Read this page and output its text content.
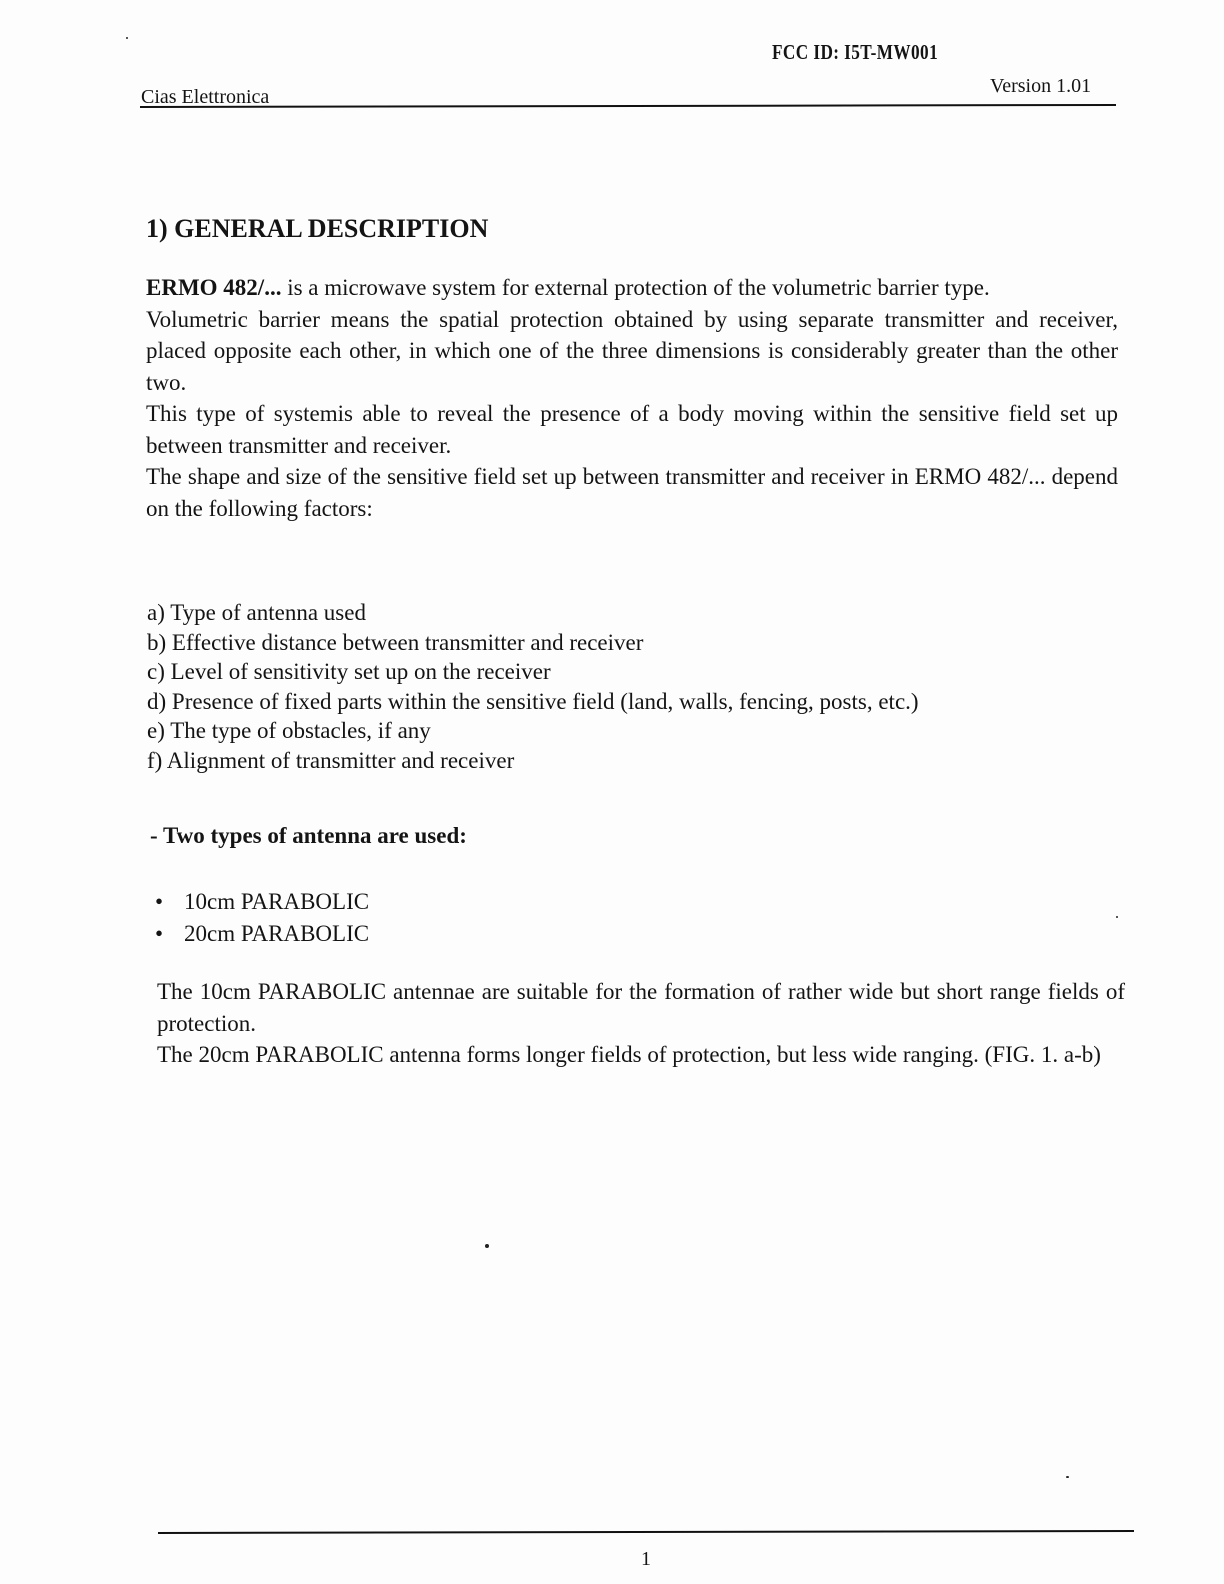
FCC ID: I5T-MW001
Cias Elettronica	Version 1.01
1) GENERAL DESCRIPTION
ERMO 482/... is a microwave system for external protection of the volumetric barrier type.
Volumetric barrier means the spatial protection obtained by using separate transmitter and receiver, placed opposite each other, in which one of the three dimensions is considerably greater than the other two.
This type of systemis able to reveal the presence of a body moving within the sensitive field set up between transmitter and receiver.
The shape and size of the sensitive field set up between transmitter and receiver in ERMO 482/... depend on the following factors:
a) Type of antenna used
b) Effective distance between transmitter and receiver
c) Level of sensitivity set up on the receiver
d) Presence of fixed parts within the sensitive field (land, walls, fencing, posts, etc.)
e) The type of obstacles, if any
f) Alignment of transmitter and receiver
- Two types of antenna are used:
• 10cm PARABOLIC
• 20cm PARABOLIC
The 10cm PARABOLIC antennae are suitable for the formation of rather wide but short range fields of protection.
The 20cm PARABOLIC antenna forms longer fields of protection, but less wide ranging. (FIG. 1. a-b)
1
